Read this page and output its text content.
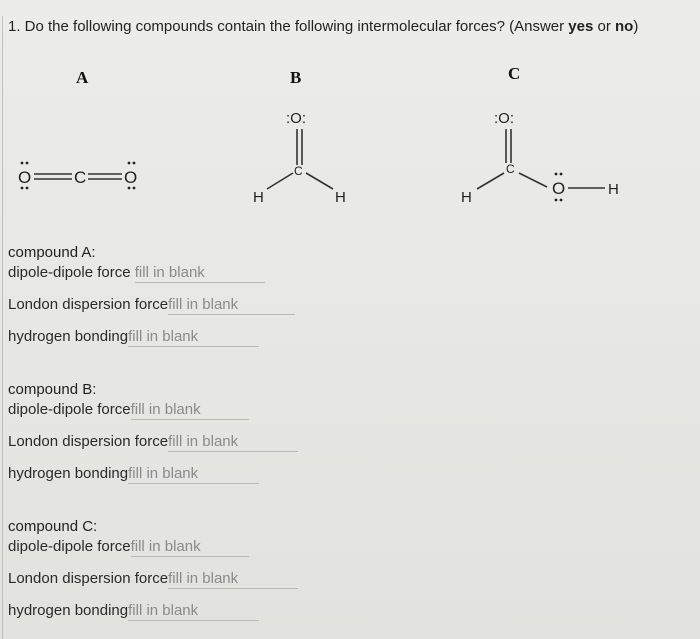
1. Do the following compounds contain the following intermolecular forces? (Answer yes or no)
A	B	C
O	C O
:O:
C
H	H
:O:
C
H	O	H
compound A:
dipole-dipole force fill in blank
London dispersion forcefill in blank
hydrogen bondingfill in blank
compound B:
dipole-dipole forcefill in blank
London dispersion forcefill in blank
hydrogen bondingfill in blank
compound C:
dipole-dipole forcefill in blank
London dispersion forcefill in blank
hydrogen bondingfill in blank
